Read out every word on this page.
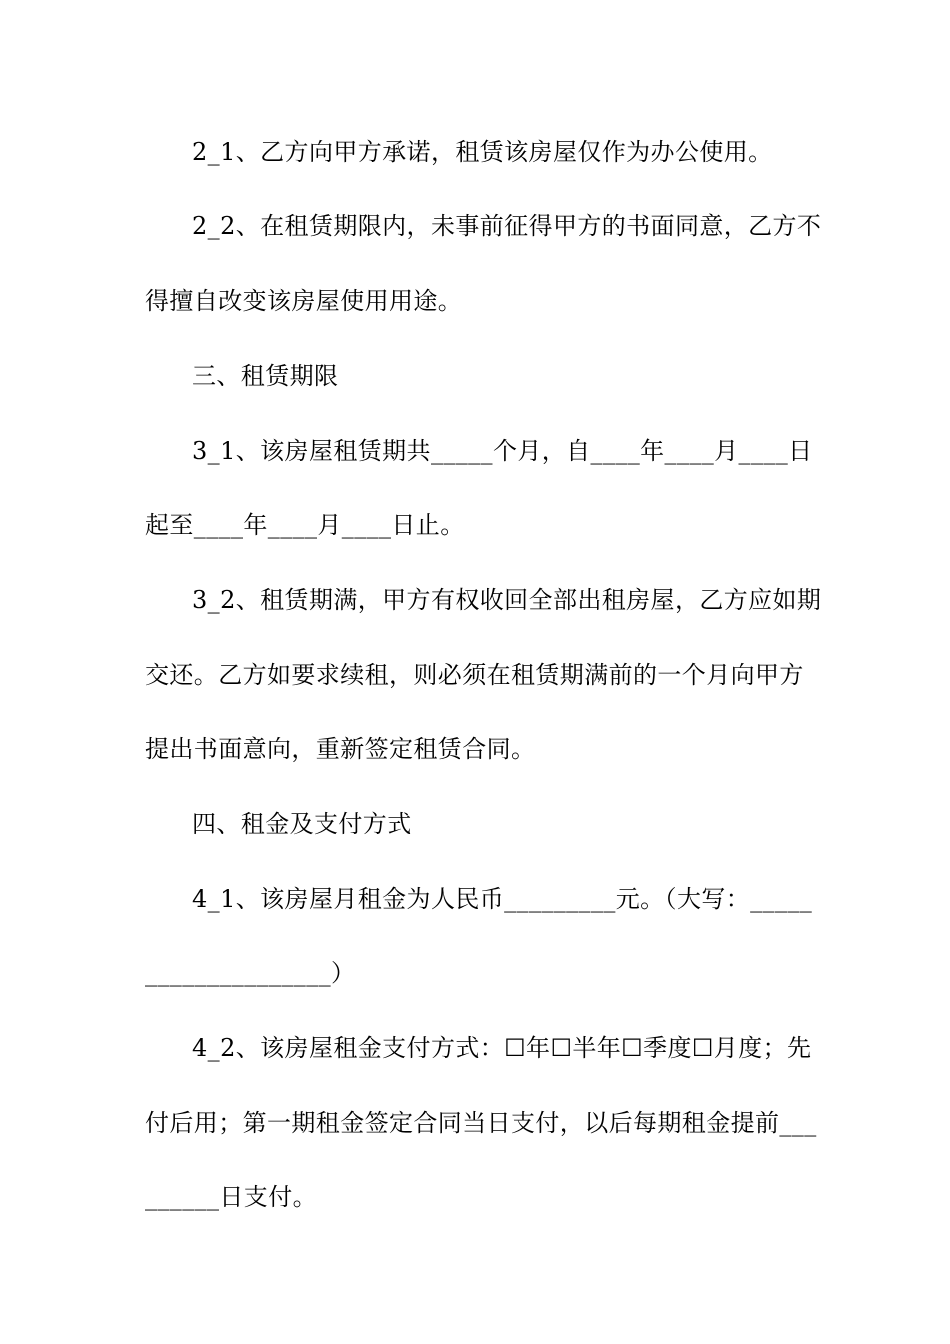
2_1、乙方向甲方承诺，租赁该房屋仅作为办公使用。
2_2、在租赁期限内，未事前征得甲方的书面同意，乙方不
得擅自改变该房屋使用用途。
三、租赁期限
3_1、该房屋租赁期共_____个月，自____年____月____日
起至____年____月____日止。
3_2、租赁期满，甲方有权收回全部出租房屋，乙方应如期
交还。乙方如要求续租，则必须在租赁期满前的一个月向甲方
提出书面意向，重新签定租赁合同。
四、租金及支付方式
4_1、该房屋月租金为人民币_________元。（大写：_____
_______________）
4_2、该房屋租金支付方式：☐年☐半年☐季度☐月度；先
付后用；第一期租金签定合同当日支付，以后每期租金提前___
______日支付。
